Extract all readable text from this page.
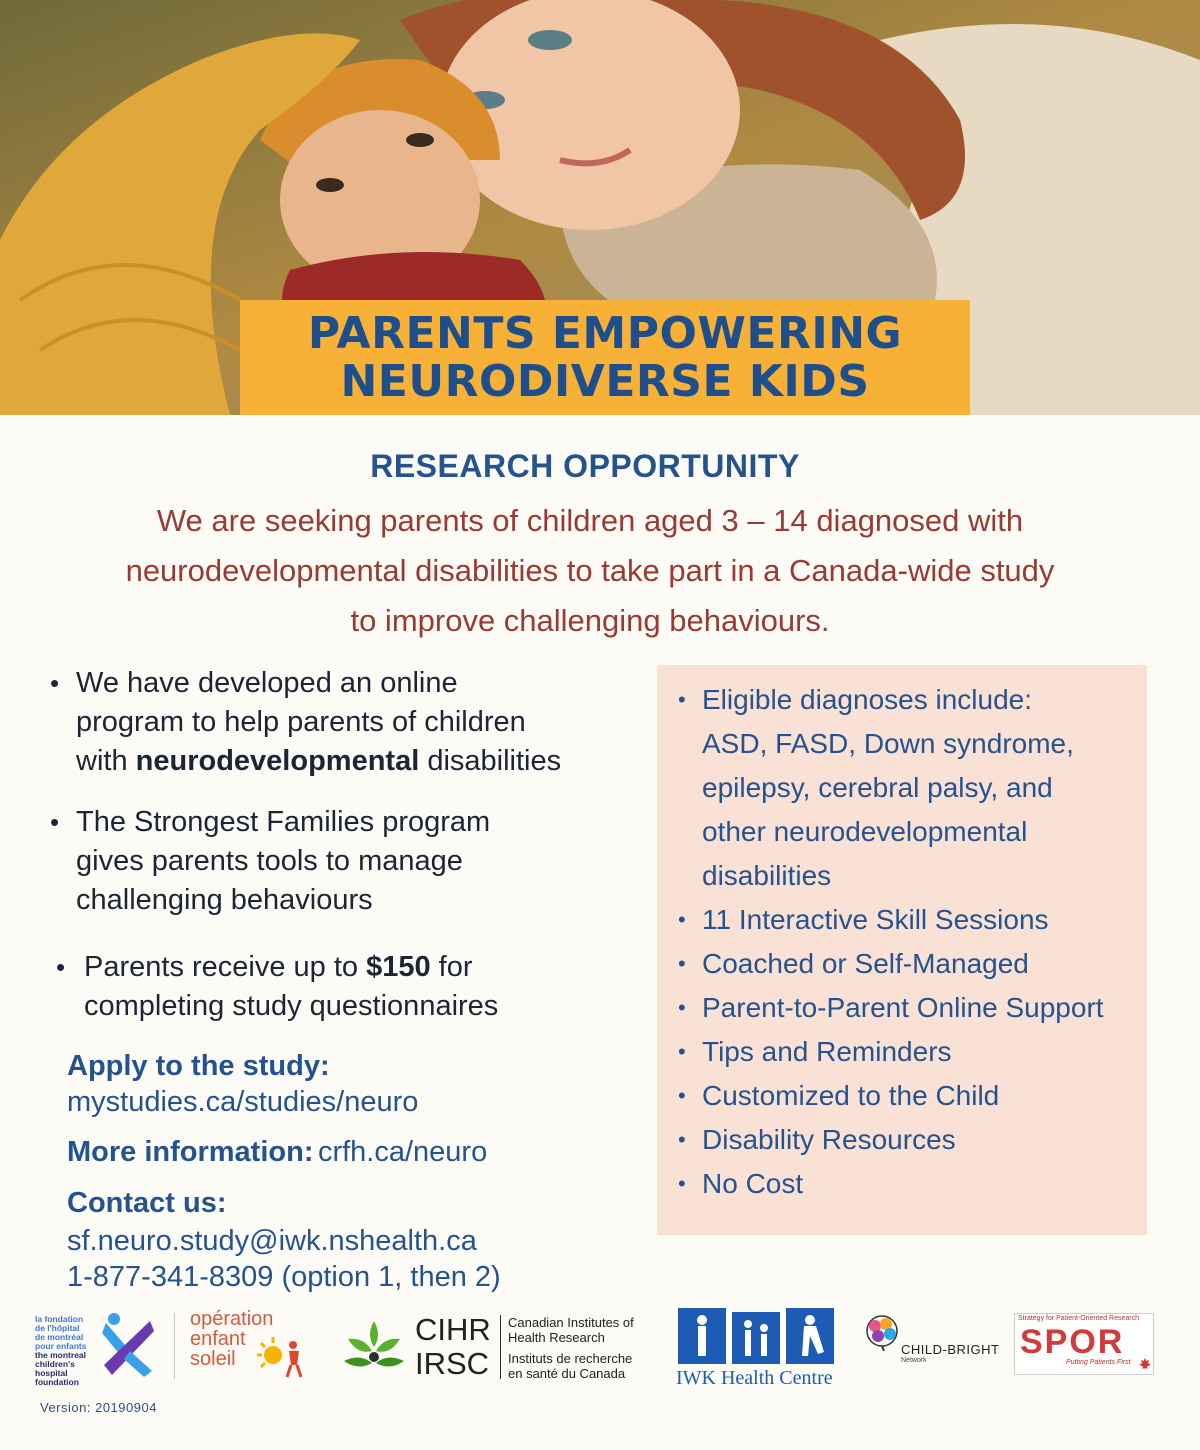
PARENTS EMPOWERING
NEURODIVERSE KIDS
RESEARCH OPPORTUNITY
We are seeking parents of children aged 3 – 14 diagnosed with
neurodevelopmental disabilities to take part in a Canada-wide study
to improve challenging behaviours.
• We have developed an online
program to help parents of children
with neurodevelopmental disabilities
• The Strongest Families program
gives parents tools to manage
challenging behaviours
• Parents receive up to $150 for
completing study questionnaires
Apply to the study:
mystudies.ca/studies/neuro
More information: crfh.ca/neuro
Contact us:
sf.neuro.study@iwk.nshealth.ca
1-877-341-8309 (option 1, then 2)
• Eligible diagnoses include:
ASD, FASD, Down syndrome,
epilepsy, cerebral palsy, and
other neurodevelopmental
disabilities
• 11 Interactive Skill Sessions
• Coached or Self-Managed
• Parent-to-Parent Online Support
• Tips and Reminders
• Customized to the Child
• Disability Resources
• No Cost
la fondation
de l'hôpital
de montréal
pour enfants
the montreal
children's
hospital
foundation
opération
enfant
soleil
CIHR
IRSC
Canadian Institutes of
Health Research
Instituts de recherche
en santé du Canada	IWK Health Centre
CHILD-BRIGHT
Network
Strategy for Patient-Oriented Research
SPOR
Putting Patients First
Version: 20190904
